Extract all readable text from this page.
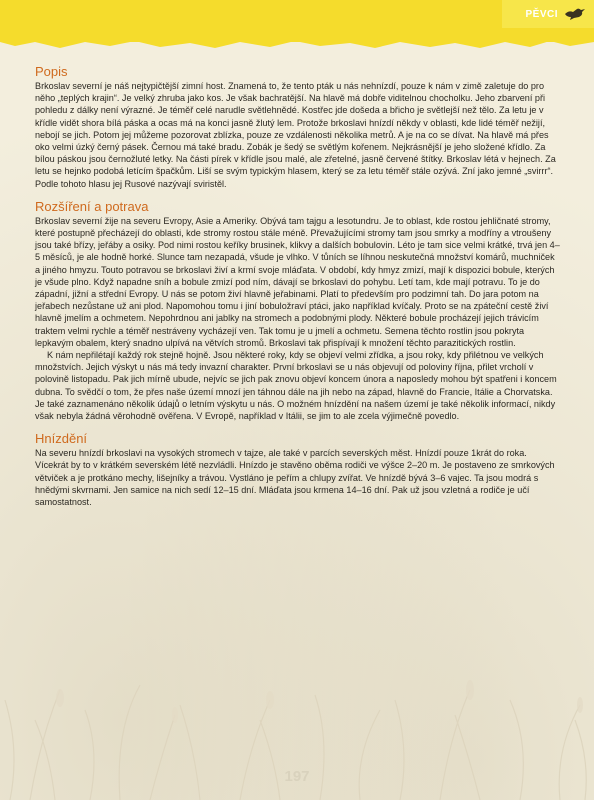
PĚVCI
Popis

Brkoslav severní je náš nejtypičtější zimní host. Znamená to, že tento pták u nás nehnízdí, pouze k nám v zimě zaletuje do pro něho „teplých krajin“. Je velký zhruba jako kos. Je však bachratější. Na hlavě má dobře viditelnou chocholku. Jeho zbarvení při pohledu z dálky není výrazné. Je téměř celé narudle světlehnědé. Kostřec jde došeda a břicho je světlejší než tělo. Za letu je v křídle vidět shora bílá páska a ocas má na konci jasně žlutý lem. Protože brkoslavi hnízdí někdy v oblasti, kde lidé téměř nežijí, nebojí se jich. Potom jej můžeme pozorovat zblízka, pouze ze vzdálenosti několika metrů. A je na co se dívat. Na hlavě má přes oko velmi úzký černý pásek. Černou má také bradu. Zobák je šedý se světlým kořenem. Nejkrásnější je jeho složené křídlo. Za bílou páskou jsou černožluté letky. Na části pírek v křídle jsou malé, ale zřetelné, jasně červené štítky. Brkoslav létá v hejnech. Za letu se hejnko podobá letícím špačkům. Liší se svým typickým hlasem, který se za letu téměř stále ozývá. Zní jako jemné „svirrr“. Podle tohoto hlasu jej Rusové nazývají sviristěl.

Rozšíření a potrava

Brkoslav severní žije na severu Evropy, Asie a Ameriky. Obývá tam tajgu a lesotundru. Je to oblast, kde rostou jehličnaté stromy, které postupně přecházejí do oblasti, kde stromy rostou stále méně. Převažujícími stromy tam jsou smrky a modříny a vtroušeny jsou také břízy, jeřáby a osiky. Pod nimi rostou keříky brusinek, klikvy a dalších bobulovin. Léto je tam sice velmi krátké, trvá jen 4–5 měsíců, je ale hodně horké. Slunce tam nezapadá, všude je vlhko. V tůních se líhnou neskutečná množství komárů, muchniček a jiného hmyzu. Touto potravou se brkoslavi živí a krmí svoje mláďata. V období, kdy hmyz zmizí, mají k dispozici bobule, kterých je všude plno. Když napadne sníh a bobule zmizí pod ním, dávají se brkoslavi do pohybu. Letí tam, kde mají potravu. To je do západní, jižní a střední Evropy. U nás se potom živí hlavně jeřabinami. Platí to především pro podzimní tah. Do jara potom na jeřabech nezůstane už ani plod. Napomohou tomu i jiní bobuložraví ptáci, jako například kvíčaly. Proto se na zpáteční cestě živí hlavně jmelím a ochmetem. Nepohrdnou ani jablky na stromech a podobnými plody. Některé bobule procházejí jejich trávicím traktem velmi rychle a téměř nestráveny vycházejí ven. Tak tomu je u jmelí a ochmetu. Semena těchto rostlin jsou pokryta lepkavým obalem, který snadno ulpívá na větvích stromů. Brkoslavi tak přispívají k množení těchto parazitických rostlin.

K nám nepřilétají každý rok stejně hojně. Jsou některé roky, kdy se objeví velmi zřídka, a jsou roky, kdy přilétnou ve velkých množstvích. Jejich výskyt u nás má tedy invazní charakter. První brkoslavi se u nás objevují od poloviny října, přilet vrcholí v polovině listopadu. Pak jich mírně ubude, nejvíc se jich pak znovu objeví koncem února a naposledy mohou být spatřeni i koncem dubna. To svědčí o tom, že přes naše území mnozí jen táhnou dále na jih nebo na západ, hlavně do Francie, Itálie a Chorvatska. Je také zaznamenáno několik údajů o letním výskytu u nás. O možném hnízdění na našem území je také několik informací, nikdy však nebyla žádná věrohodně ověřena. V Evropě, například v Itálii, se jim to ale zcela výjimečně povedlo.

Hnízdění

Na severu hnízdí brkoslavi na vysokých stromech v tajze, ale také v parcích severských měst. Hnízdí pouze 1krát do roka. Vícekrát by to v krátkém severském létě nezvládli. Hnízdo je stavěno oběma rodiči ve výšce 2–20 m. Je postaveno ze smrkových větviček a je protkáno mechy, lišejníky a trávou. Vystláno je peřím a chlupy zvířat. Ve hnízdě bývá 3–6 vajec. Ta jsou modrá s hnědými skvrnami. Jen samice na nich sedí 12–15 dní. Mláďata jsou krmena 14–16 dní. Pak už jsou vzletná a rodiče je učí samostatnost.

197
